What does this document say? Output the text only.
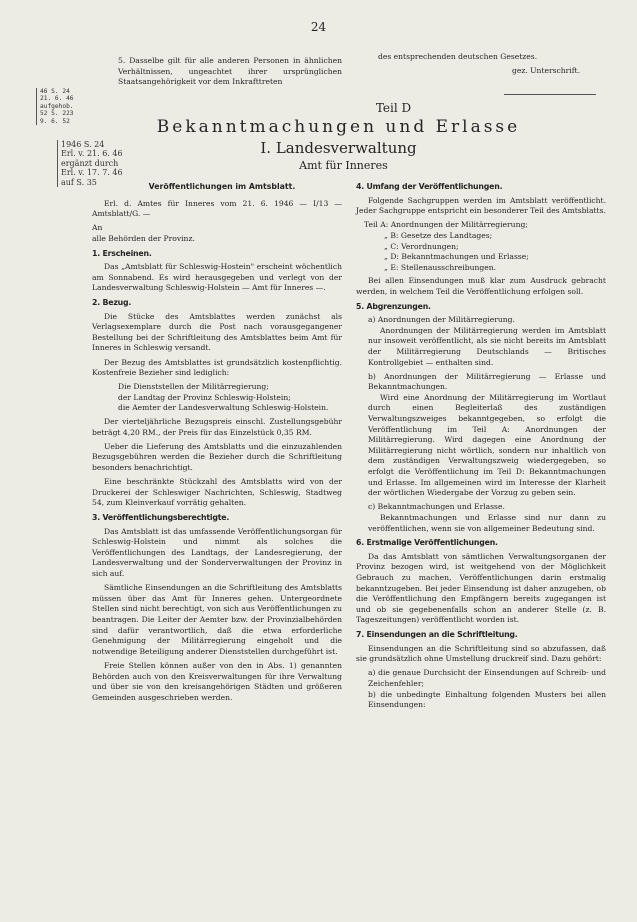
24

5. Dasselbe gilt für alle anderen Personen in ähnlichen Verhältnissen, ungeachtet ihrer ursprünglichen Staatsangehörigkeit vor dem Inkrafttreten

des entsprechenden deutschen Gesetzes.

gez. Unterschrift.

46 S. 24
21. 6. 46
aufgehob.
52 S. 223
9. 6. 52
1946 S. 24
Erl. v. 21. 6. 46
ergänzt durch
Erl. v. 17. 7. 46
auf S. 35
Teil D
Bekanntmachungen und Erlasse
I. Landesverwaltung
Amt für Inneres
Veröffentlichungen im Amtsblatt.

Erl. d. Amtes für Inneres vom 21. 6. 1946 — I/13 — Amtsblatt/G. —

An

alle Behörden der Provinz.

1. Erscheinen.

Das „Amtsblatt für Schleswig-Hostein" erscheint wöchentlich am Sonnabend. Es wird herausgegeben und verlegt von der Landesverwaltung Schleswig-Holstein — Amt für Inneres —.

2. Bezug.

Die Stücke des Amtsblattes werden zunächst als Verlagsexemplare durch die Post nach vorausgegangener Bestellung bei der Schriftleitung des Amtsblattes beim Amt für Inneres in Schleswig versandt.

Der Bezug des Amtsblattes ist grundsätzlich kostenpflichtig. Kostenfreie Bezieher sind lediglich:

Die Dienststellen der Militärregierung;
der Landtag der Provinz Schleswig-Holstein;
die Aemter der Landesverwaltung Schleswig-Holstein.

Der vierteljährliche Bezugspreis einschl. Zustellungsgebühr beträgt 4,20 RM., der Preis für das Einzelstück 0,35 RM.

Ueber die Lieferung des Amtsblatts und die einzuzahlenden Bezugsgebühren werden die Bezieher durch die Schriftleitung besonders benachrichtigt.

Eine beschränkte Stückzahl des Amtsblatts wird von der Druckerei der Schleswiger Nachrichten, Schleswig, Stadtweg 54, zum Kleinverkauf vorrätig gehalten.

3. Veröffentlichungsberechtigte.

Das Amtsblatt ist das umfassende Veröffentlichungsorgan für Schleswig-Holstein und nimmt als solches die Veröffentlichungen des Landtags, der Landesregierung, der Landesverwaltung und der Sonderverwaltungen der Provinz in sich auf.

Sämtliche Einsendungen an die Schriftleitung des Amtsblatts müssen über das Amt für Inneres gehen. Untergeordnete Stellen sind nicht berechtigt, von sich aus Veröffentlichungen zu beantragen. Die Leiter der Aemter bzw. der Provinzialbehörden sind dafür verantwortlich, daß die etwa erforderliche Genehmigung der Militärregierung eingeholt und die notwendige Beteiligung anderer Dienststellen durchgeführt ist.

Freie Stellen können außer von den in Abs. 1) genannten Behörden auch von den Kreisverwaltungen für ihre Verwaltung und über sie von den kreisangehörigen Städten und größeren Gemeinden ausgeschrieben werden.

4. Umfang der Veröffentlichungen.

Folgende Sachgruppen werden im Amtsblatt veröffentlicht. Jeder Sachgruppe entspricht ein besonderer Teil des Amtsblatts.

Teil A: Anordnungen der Militärregierung;
„ B: Gesetze des Landtages;
„ C: Verordnungen;
„ D: Bekanntmachungen und Erlasse;
„ E: Stellenausschreibungen.

Bei allen Einsendungen muß klar zum Ausdruck gebracht werden, in welchem Teil die Veröffentlichung erfolgen soll.

5. Abgrenzungen.
a) Anordnungen der Militärregierung.

Anordnungen der Militärregierung werden im Amtsblatt nur insoweit veröffentlicht, als sie nicht bereits im Amtsblatt der Militärregierung Deutschlands — Britisches Kontrollgebiet — enthalten sind.

b) Anordnungen der Militärregierung — Erlasse und Bekanntmachungen.

Wird eine Anordnung der Militärregierung im Wortlaut durch einen Begleiterlaß des zuständigen Verwaltungszweiges bekanntgegeben, so erfolgt die Veröffentlichung im Teil A: Anordnungen der Militärregierung. Wird dagegen eine Anordnung der Militärregierung nicht wörtlich, sondern nur inhaltlich von dem zuständigen Verwaltungszweig wiedergegeben, so erfolgt die Veröffentlichung im Teil D: Bekanntmachungen und Erlasse. Im allgemeinen wird im Interesse der Klarheit der wörtlichen Wiedergabe der Vorzug zu geben sein.

c) Bekanntmachungen und Erlasse.

Bekanntmachungen und Erlasse sind nur dann zu veröffentlichen, wenn sie von allgemeiner Bedeutung sind.

6. Erstmalige Veröffentlichungen.

Da das Amtsblatt von sämtlichen Verwaltungsorganen der Provinz bezogen wird, ist weitgehend von der Möglichkeit Gebrauch zu machen, Veröffentlichungen darin erstmalig bekanntzugeben. Bei jeder Einsendung ist daher anzugeben, ob die Veröffentlichung den Empfängern bereits zugegangen ist und ob sie gegebenenfalls schon an anderer Stelle (z. B. Tageszeitungen) veröffentlicht worden ist.

7. Einsendungen an die Schriftleitung.

Einsendungen an die Schriftleitung sind so abzufassen, daß sie grundsätzlich ohne Umstellung druckreif sind. Dazu gehört:

a) die genaue Durchsicht der Einsendungen auf Schreib- und Zeichenfehler;
b) die unbedingte Einhaltung folgenden Musters bei allen Einsendungen:
